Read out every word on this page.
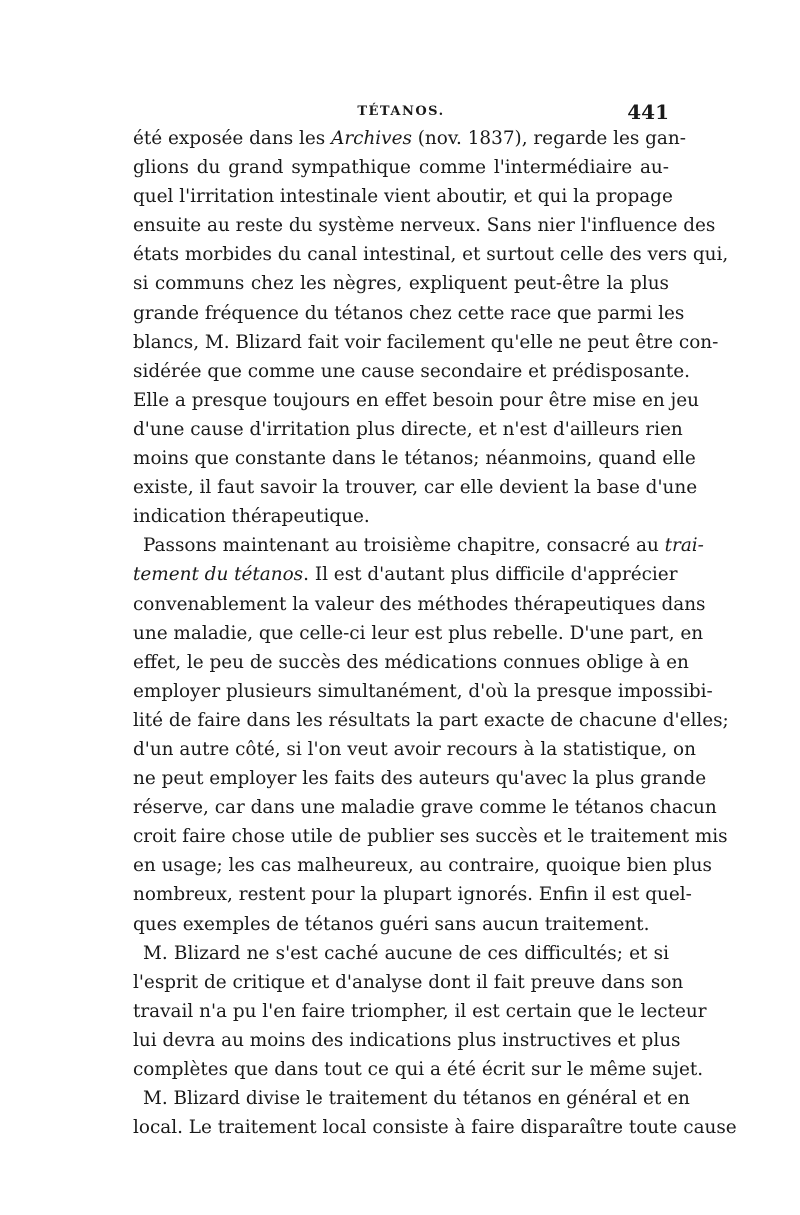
TÉTANOS.	441
été exposée dans les Archives (nov. 1837), regarde les gan-
glions du grand sympathique comme l'intermédiaire au-
quel l'irritation intestinale vient aboutir, et qui la propage
ensuite au reste du système nerveux. Sans nier l'influence des
états morbides du canal intestinal, et surtout celle des vers qui,
si communs chez les nègres, expliquent peut-être la plus
grande fréquence du tétanos chez cette race que parmi les
blancs, M. Blizard fait voir facilement qu'elle ne peut être con-
sidérée que comme une cause secondaire et prédisposante.
Elle a presque toujours en effet besoin pour être mise en jeu
d'une cause d'irritation plus directe, et n'est d'ailleurs rien
moins que constante dans le tétanos; néanmoins, quand elle
existe, il faut savoir la trouver, car elle devient la base d'une
indication thérapeutique.
Passons maintenant au troisième chapitre, consacré au trai-
tement du tétanos. Il est d'autant plus difficile d'apprécier
convenablement la valeur des méthodes thérapeutiques dans
une maladie, que celle-ci leur est plus rebelle. D'une part, en
effet, le peu de succès des médications connues oblige à en
employer plusieurs simultanément, d'où la presque impossibi-
lité de faire dans les résultats la part exacte de chacune d'elles;
d'un autre côté, si l'on veut avoir recours à la statistique, on
ne peut employer les faits des auteurs qu'avec la plus grande
réserve, car dans une maladie grave comme le tétanos chacun
croit faire chose utile de publier ses succès et le traitement mis
en usage; les cas malheureux, au contraire, quoique bien plus
nombreux, restent pour la plupart ignorés. Enfin il est quel-
ques exemples de tétanos guéri sans aucun traitement.
M. Blizard ne s'est caché aucune de ces difficultés; et si
l'esprit de critique et d'analyse dont il fait preuve dans son
travail n'a pu l'en faire triompher, il est certain que le lecteur
lui devra au moins des indications plus instructives et plus
complètes que dans tout ce qui a été écrit sur le même sujet.
M. Blizard divise le traitement du tétanos en général et en
local. Le traitement local consiste à faire disparaître toute cause
